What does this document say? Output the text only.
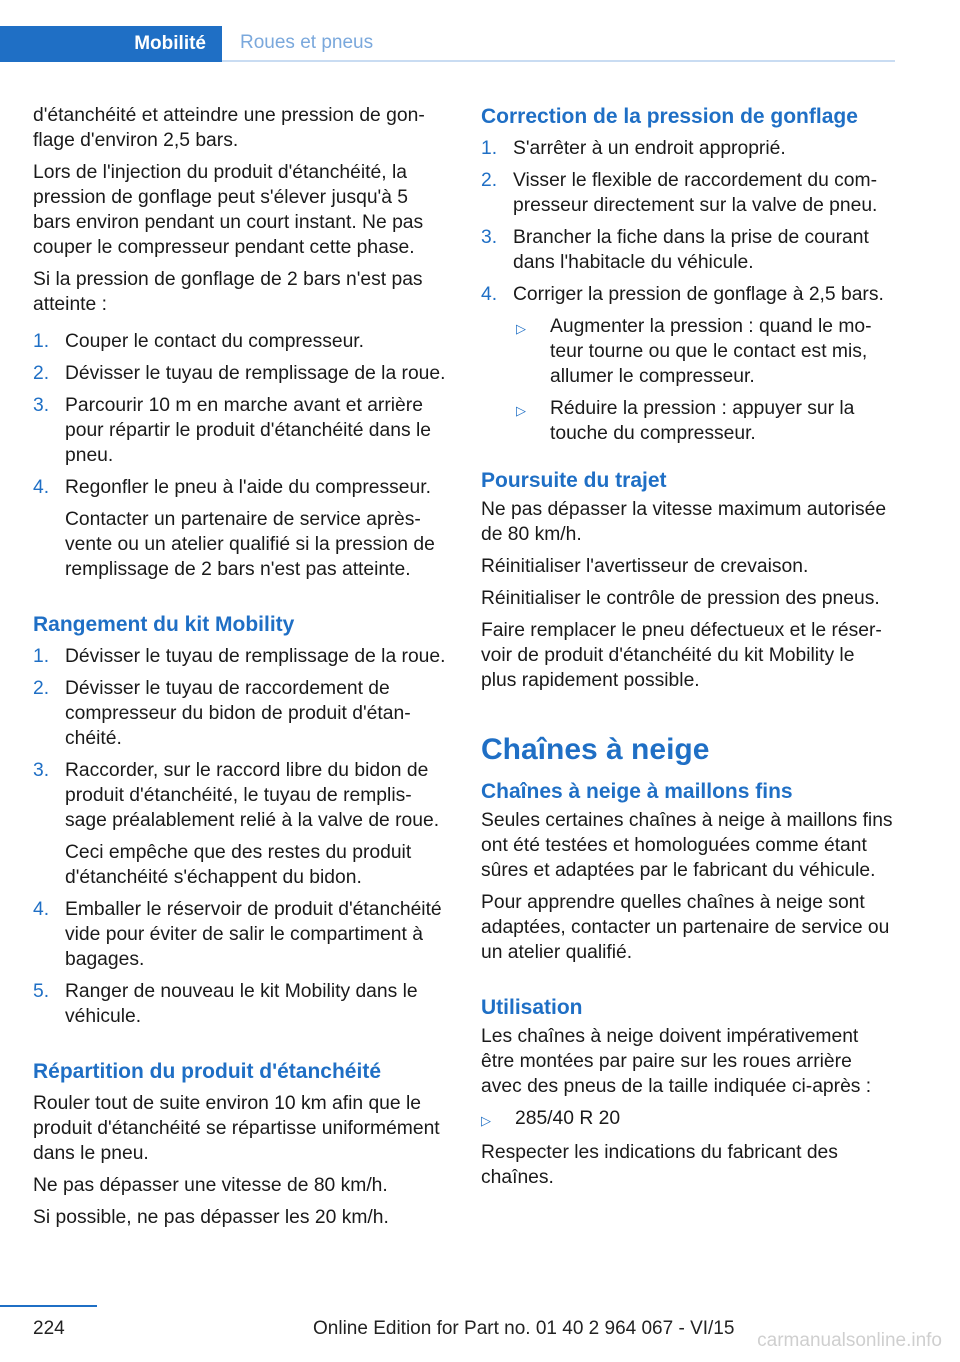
Mobilité	Roues et pneus

d'étanchéité et atteindre une pression de gonflage d'environ 2,5 bars.

Lors de l'injection du produit d'étanchéité, la pression de gonflage peut s'élever jusqu'à 5 bars environ pendant un court instant. Ne pas couper le compresseur pendant cette phase.

Si la pression de gonflage de 2 bars n'est pas atteinte :

1. Couper le contact du compresseur.
2. Dévisser le tuyau de remplissage de la roue.
3. Parcourir 10 m en marche avant et arrière pour répartir le produit d'étanchéité dans le pneu.
4. Regonfler le pneu à l'aide du compresseur.
Contacter un partenaire de service après-vente ou un atelier qualifié si la pression de remplissage de 2 bars n'est pas atteinte.
Rangement du kit Mobility
1. Dévisser le tuyau de remplissage de la roue.
2. Dévisser le tuyau de raccordement de compresseur du bidon de produit d'étanchéité.
3. Raccorder, sur le raccord libre du bidon de produit d'étanchéité, le tuyau de remplissage préalablement relié à la valve de roue.
Ceci empêche que des restes du produit d'étanchéité s'échappent du bidon.
4. Emballer le réservoir de produit d'étanchéité vide pour éviter de salir le compartiment à bagages.
5. Ranger de nouveau le kit Mobility dans le véhicule.
Répartition du produit d'étanchéité

Rouler tout de suite environ 10 km afin que le produit d'étanchéité se répartisse uniformément dans le pneu.

Ne pas dépasser une vitesse de 80 km/h.

Si possible, ne pas dépasser les 20 km/h.

Correction de la pression de gonflage
1. S'arrêter à un endroit approprié.
2. Visser le flexible de raccordement du compresseur directement sur la valve de pneu.
3. Brancher la fiche dans la prise de courant dans l'habitacle du véhicule.
4. Corriger la pression de gonflage à 2,5 bars.
▷	Augmenter la pression : quand le moteur tourne ou que le contact est mis, allumer le compresseur.
▷	Réduire la pression : appuyer sur la touche du compresseur.
Poursuite du trajet

Ne pas dépasser la vitesse maximum autorisée de 80 km/h.

Réinitialiser l'avertisseur de crevaison.

Réinitialiser le contrôle de pression des pneus.

Faire remplacer le pneu défectueux et le réservoir de produit d'étanchéité du kit Mobility le plus rapidement possible.

Chaînes à neige
Chaînes à neige à maillons fins

Seules certaines chaînes à neige à maillons fins ont été testées et homologuées comme étant sûres et adaptées par le fabricant du véhicule.

Pour apprendre quelles chaînes à neige sont adaptées, contacter un partenaire de service ou un atelier qualifié.

Utilisation

Les chaînes à neige doivent impérativement être montées par paire sur les roues arrière avec des pneus de la taille indiquée ci-après :

▷	285/40 R 20

Respecter les indications du fabricant des chaînes.

224	Online Edition for Part no. 01 40 2 964 067 - VI/15
carmanualsonline.info
